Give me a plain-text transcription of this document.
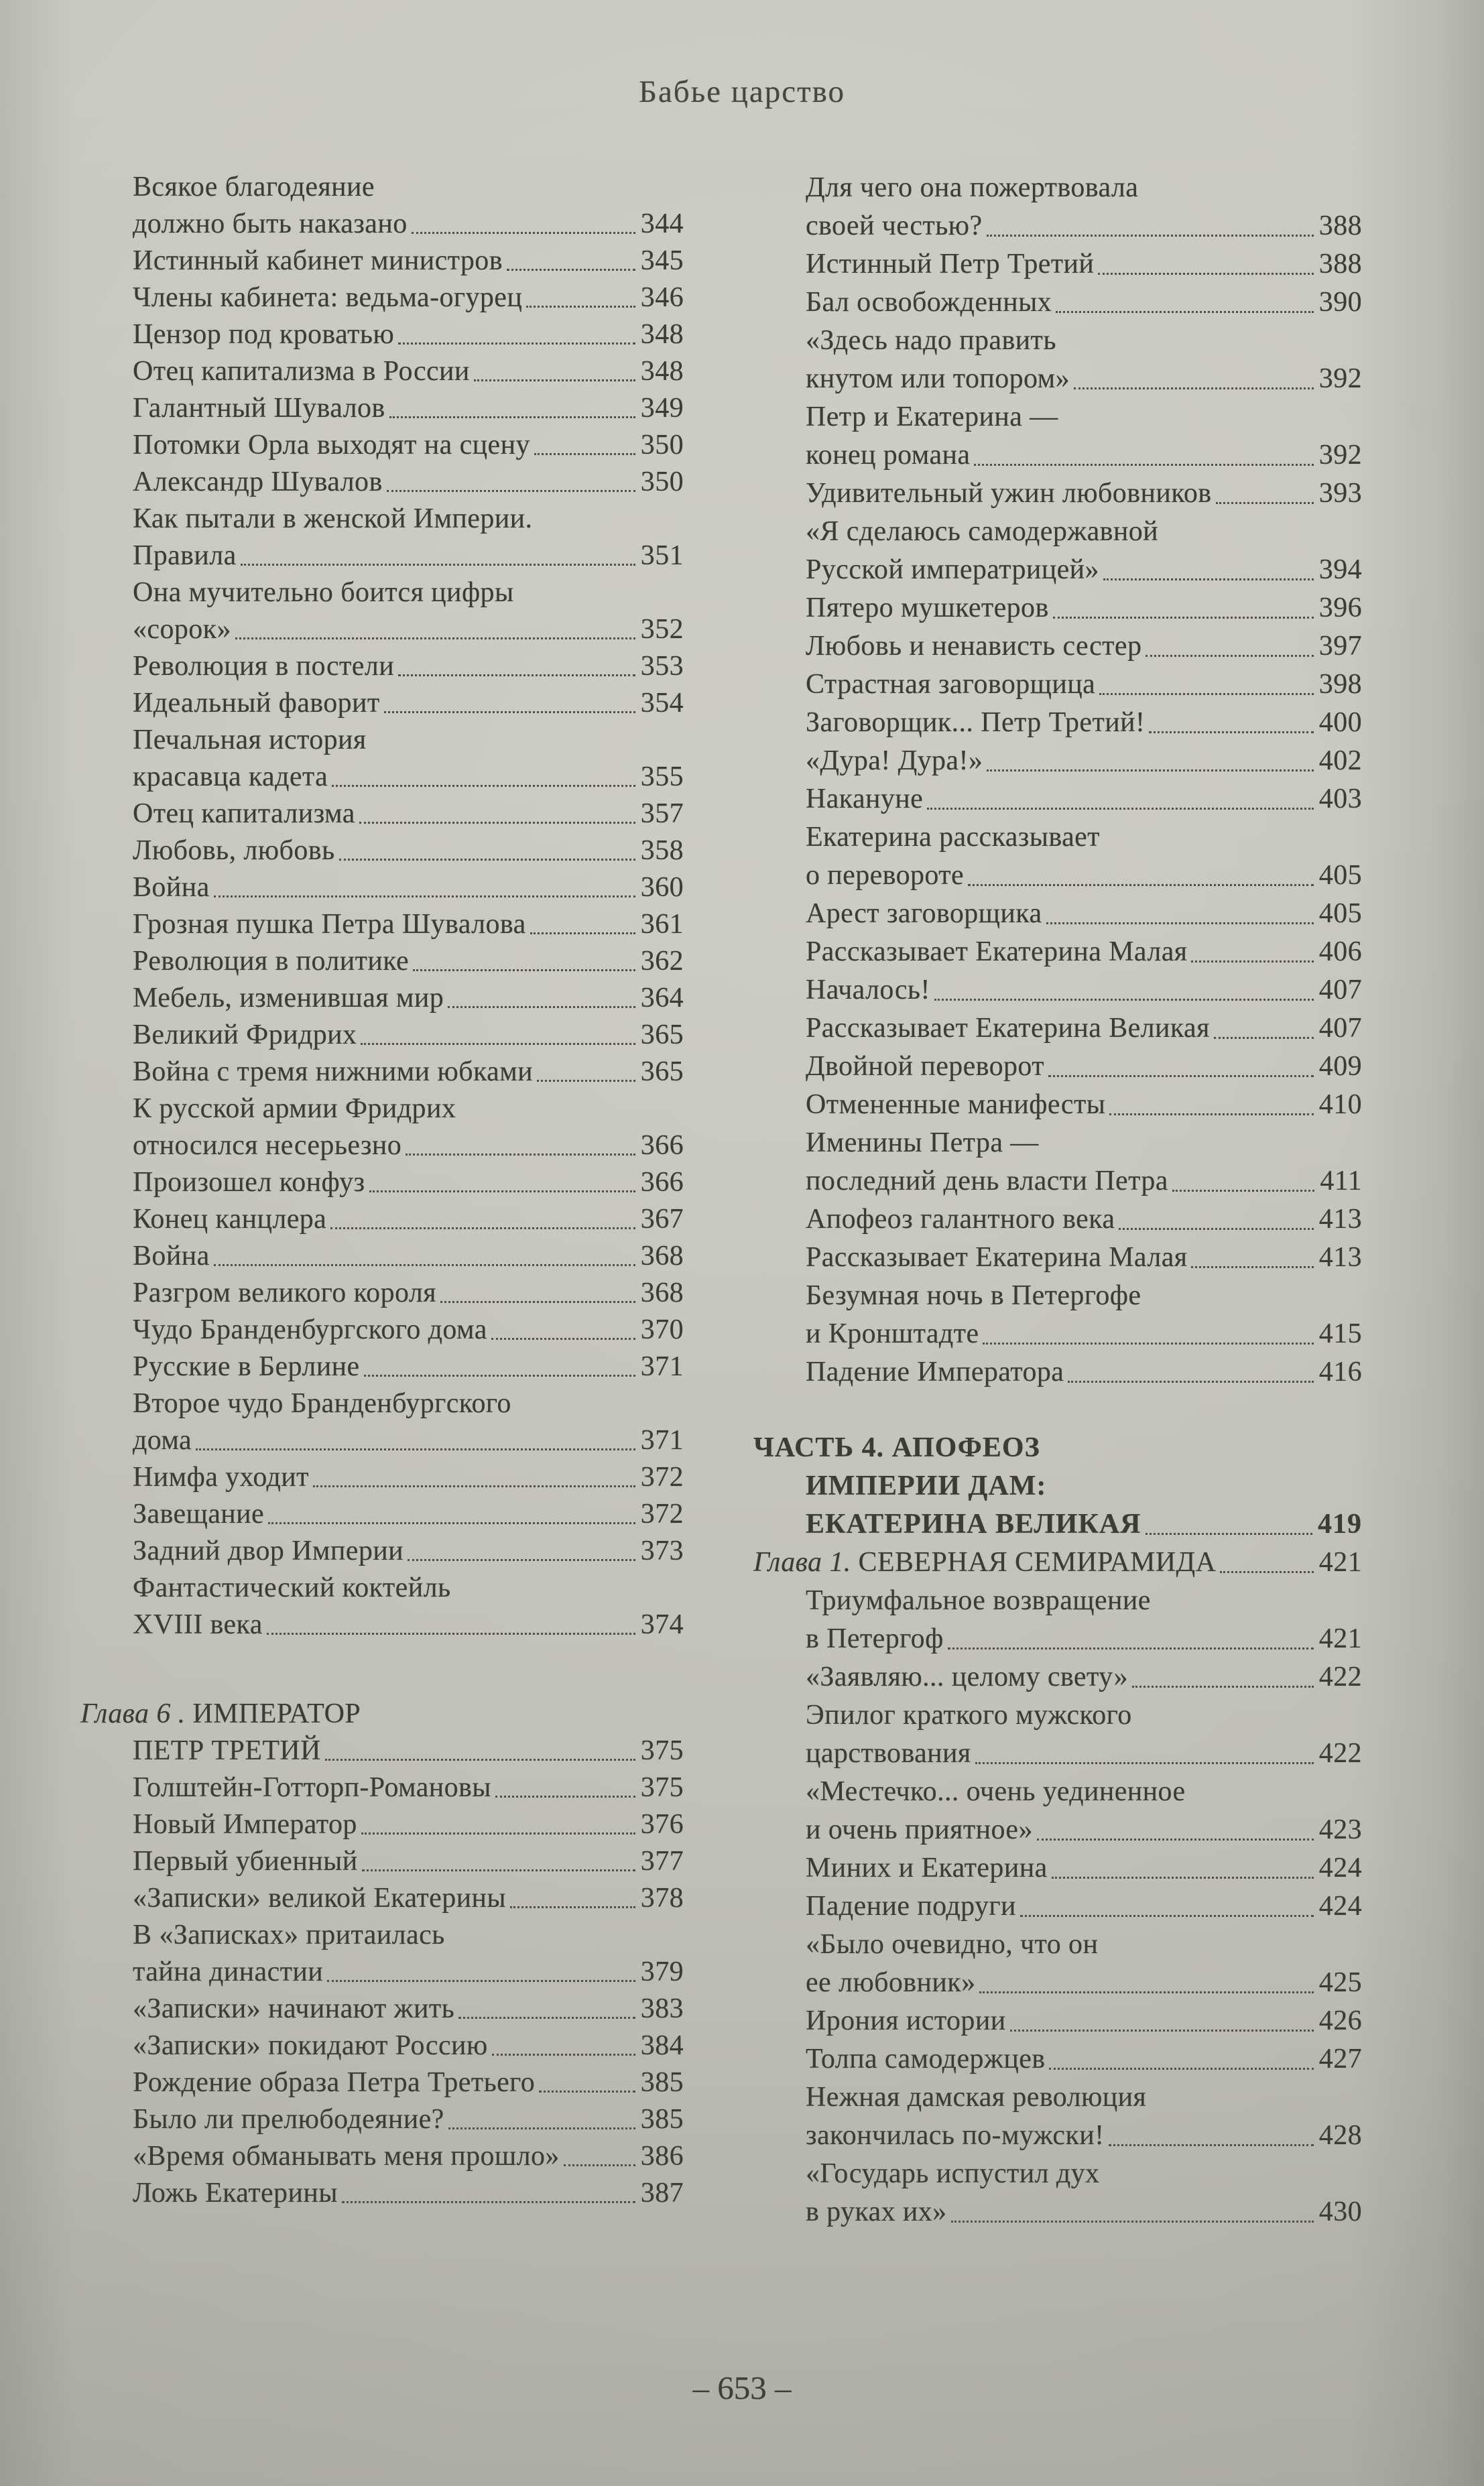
Бабье царство
Всякое благодеяние
должно быть наказано	344
Истинный кабинет министров	345
Члены кабинета: ведьма-огурец	346
Цензор под кроватью	348
Отец капитализма в России	348
Галантный Шувалов	349
Потомки Орла выходят на сцену	350
Александр Шувалов	350
Как пытали в женской Империи.
Правила	351
Она мучительно боится цифры
«сорок»	352
Революция в постели	353
Идеальный фаворит	354
Печальная история
красавца кадета	355
Отец капитализма	357
Любовь, любовь	358
Война	360
Грозная пушка Петра Шувалова	361
Революция в политике	362
Мебель, изменившая мир	364
Великий Фридрих	365
Война с тремя нижними юбками	365
К русской армии Фридрих
относился несерьезно	366
Произошел конфуз	366
Конец канцлера	367
Война	368
Разгром великого короля	368
Чудо Бранденбургского дома	370
Русские в Берлине	371
Второе чудо Бранденбургского
дома	371
Нимфа уходит	372
Завещание	372
Задний двор Империи	373
Фантастический коктейль
XVIII века	374
Глава 6 . ИМПЕРАТОР
ПЕТР ТРЕТИЙ	375
Голштейн-Готторп-Романовы	375
Новый Император	376
Первый убиенный	377
«Записки» великой Екатерины	378
В «Записках» притаилась
тайна династии	379
«Записки» начинают жить	383
«Записки» покидают Россию	384
Рождение образа Петра Третьего	385
Было ли прелюбодеяние?	385
«Время обманывать меня прошло»	386
Ложь Екатерины	387
Для чего она пожертвовала
своей честью?	388
Истинный Петр Третий	388
Бал освобожденных	390
«Здесь надо править
кнутом или топором»	392
Петр и Екатерина —
конец романа	392
Удивительный ужин любовников	393
«Я сделаюсь самодержавной
Русской императрицей»	394
Пятеро мушкетеров	396
Любовь и ненависть сестер	397
Страстная заговорщица	398
Заговорщик... Петр Третий!	400
«Дура! Дура!»	402
Накануне	403
Екатерина рассказывает
о перевороте	405
Арест заговорщика	405
Рассказывает Екатерина Малая	406
Началось!	407
Рассказывает Екатерина Великая	407
Двойной переворот	409
Отмененные манифесты	410
Именины Петра —
последний день власти Петра	411
Апофеоз галантного века	413
Рассказывает Екатерина Малая	413
Безумная ночь в Петергофе
и Кронштадте	415
Падение Императора	416
ЧАСТЬ 4. АПОФЕОЗ
ИМПЕРИИ ДАМ:
ЕКАТЕРИНА ВЕЛИКАЯ	419
Глава 1. СЕВЕРНАЯ СЕМИРАМИДА	421
Триумфальное возвращение
в Петергоф	421
«Заявляю... целому свету»	422
Эпилог краткого мужского
царствования	422
«Местечко... очень уединенное
и очень приятное»	423
Миних и Екатерина	424
Падение подруги	424
«Было очевидно, что он
ее любовник»	425
Ирония истории	426
Толпа самодержцев	427
Нежная дамская революция
закончилась по-мужски!	428
«Государь испустил дух
в руках их»	430
– 653 –
